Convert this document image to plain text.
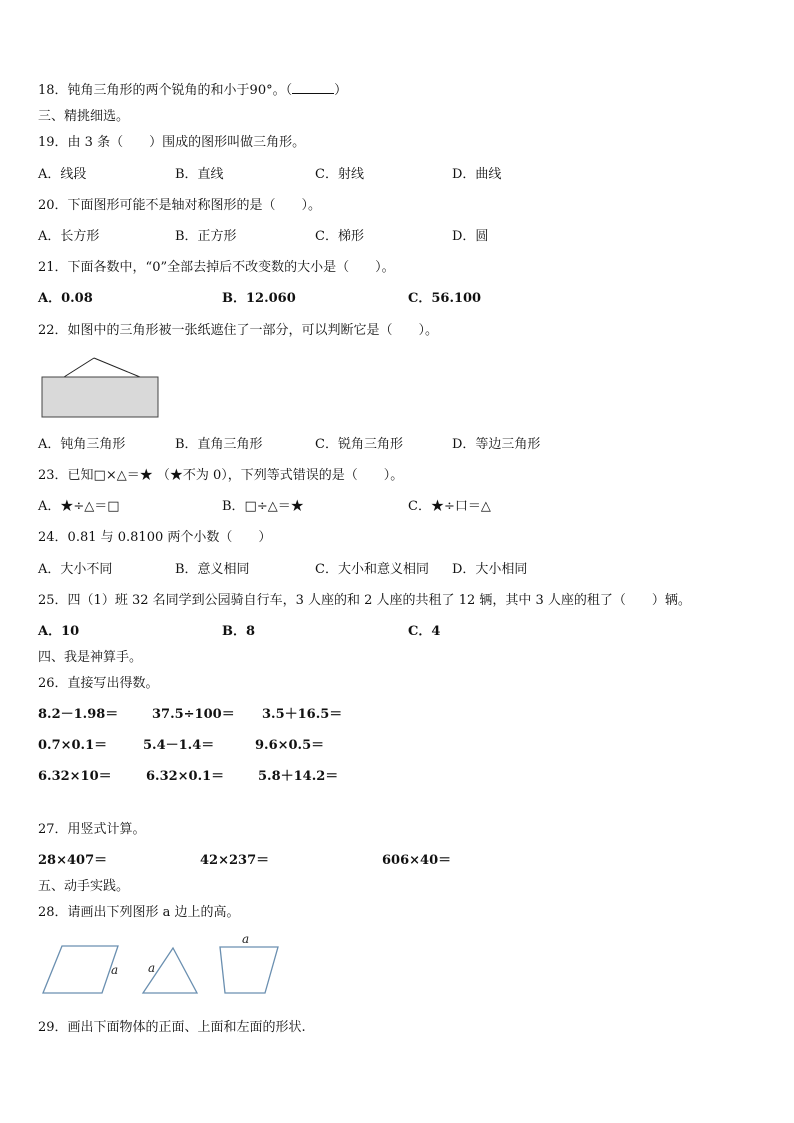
18．钝角三角形的两个锐角的和小于90°。（	）
三、精挑细选。
19．由 3 条（　　）围成的图形叫做三角形。
A．线段	B．直线	C．射线	D．曲线
20．下面图形可能不是轴对称图形的是（　　）。
A．长方形	B．正方形	C．梯形	D．圆
21．下面各数中，“0”全部去掉后不改变数的大小是（　　）。
A．0.08	B．12.060	C．56.100
22．如图中的三角形被一张纸遮住了一部分，可以判断它是（　　）。
A．钝角三角形	B．直角三角形	C．锐角三角形	D．等边三角形
23．已知□×△＝★ （★不为 0），下列等式错误的是（　　）。
A．★÷△＝□	B．□÷△＝★	C．★÷口＝△
24．0.81 与 0.8100 两个小数（　　）
A．大小不同	B．意义相同	C．大小和意义相同 D．大小相同
25．四（1）班 32 名同学到公园骑自行车，3 人座的和 2 人座的共租了 12 辆，其中 3 人座的租了（　　）辆。
A．10	B．8	C．4
四、我是神算手。
26．直接写出得数。
8.2－1.98＝	37.5÷100＝ 3.5＋16.5＝
0.7×0.1＝	5.4－1.4＝	9.6×0.5＝
6.32×10＝	6.32×0.1＝	5.8＋14.2＝
27．用竖式计算。
28×407＝	42×237＝	606×40＝
五、动手实践。
28．请画出下列图形 a 边上的高。
a a
a
29．画出下面物体的正面、上面和左面的形状.
